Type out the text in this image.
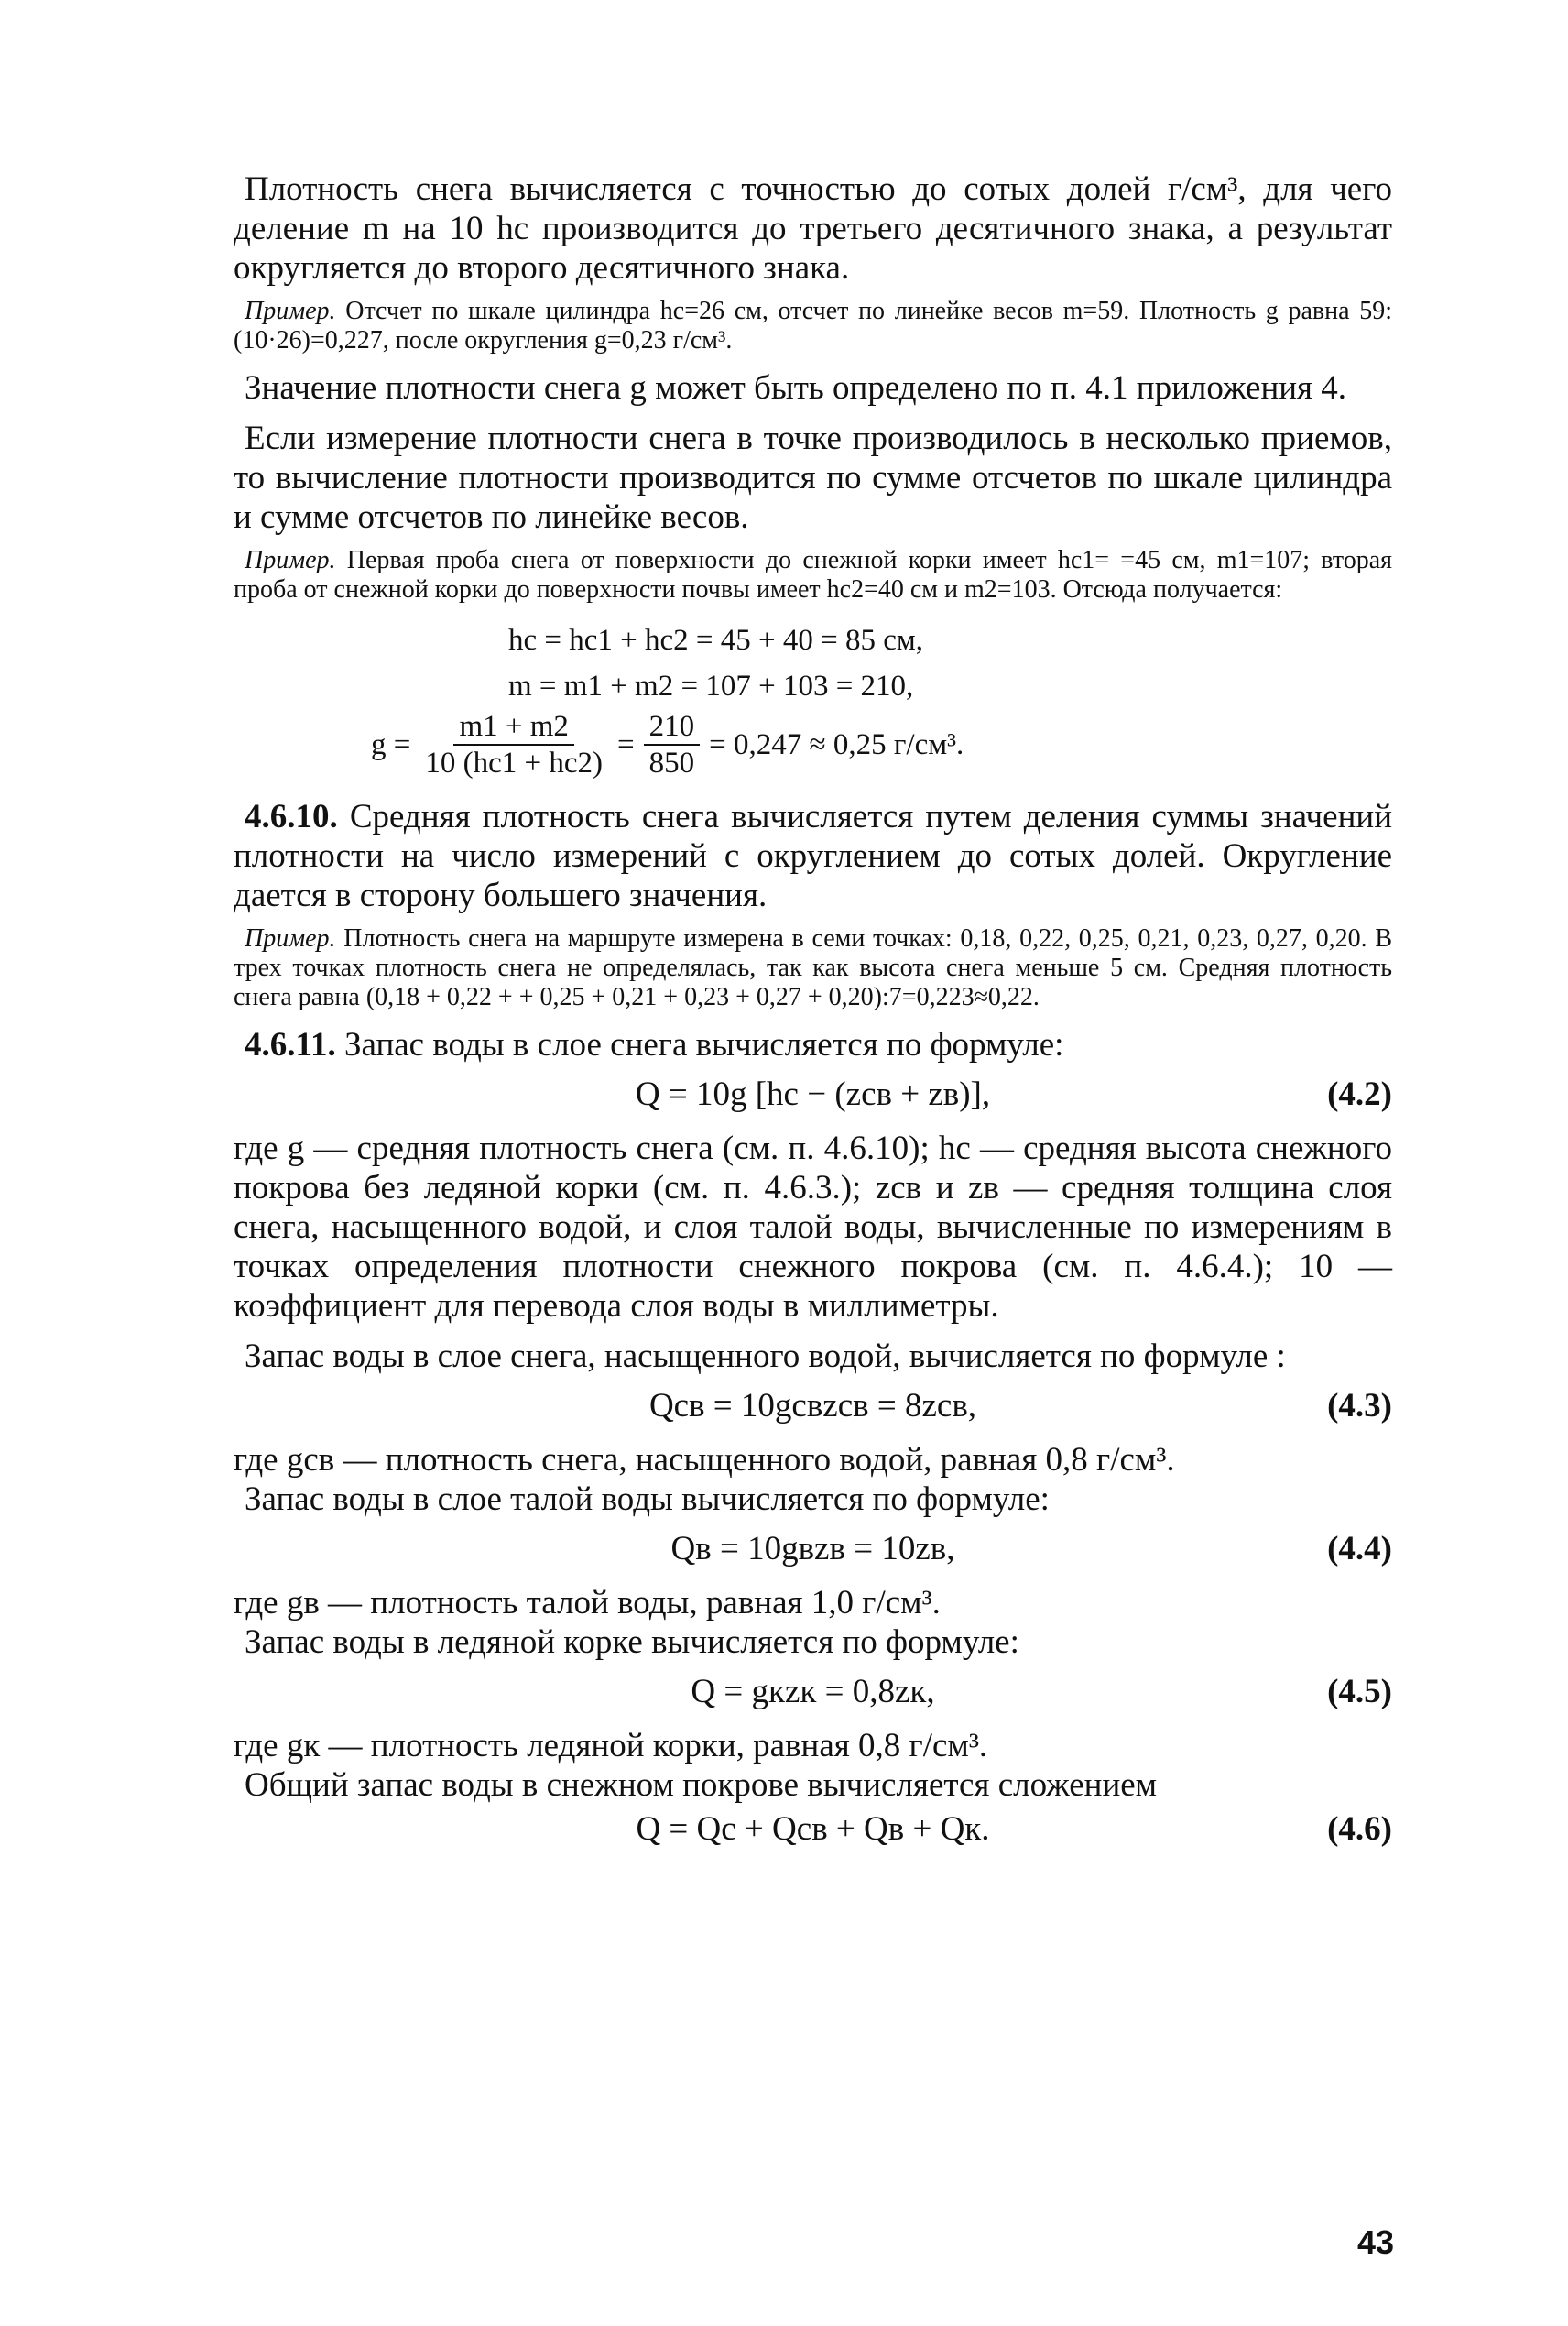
Плотность снега вычисляется с точностью до сотых долей г/см³, для чего деление m на 10 hс производится до третьего десятичного знака, а результат округляется до второго десятичного знака.

Пример. Отсчет по шкале цилиндра hс=26 см, отсчет по линейке весов m=59. Плотность g равна 59:(10·26)=0,227, после округления g=0,23 г/см³.

Значение плотности снега g может быть определено по п. 4.1 приложения 4.

Если измерение плотности снега в точке производилось в несколько приемов, то вычисление плотности производится по сумме отсчетов по шкале цилиндра и сумме отсчетов по линейке весов.

Пример. Первая проба снега от поверхности до снежной корки имеет hс1= =45 см, m1=107; вторая проба от снежной корки до поверхности почвы имеет hс2=40 см и m2=103. Отсюда получается:

hс = hс1 + hс2 = 45 + 40 = 85 см,
m = m1 + m2 = 107 + 103 = 210,
$g = \frac{m1 + m2}{10 (hс1 + hс2)} = \frac{210}{850} = 0,247 \approx 0,25$ г/см³.

4.6.10. Средняя плотность снега вычисляется путем деления суммы значений плотности на число измерений с округлением до сотых долей. Округление дается в сторону большего значения.

Пример. Плотность снега на маршруте измерена в семи точках: 0,18, 0,22, 0,25, 0,21, 0,23, 0,27, 0,20. В трех точках плотность снега не определялась, так как высота снега меньше 5 см. Средняя плотность снега равна (0,18 + 0,22 + + 0,25 + 0,21 + 0,23 + 0,27 + 0,20):7=0,223≈0,22.

4.6.11. Запас воды в слое снега вычисляется по формуле:

Q = 10g [hс − (zсв + zв)],	(4.2)

где g — средняя плотность снега (см. п. 4.6.10); hс — средняя высота снежного покрова без ледяной корки (см. п. 4.6.3.); zсв и zв — средняя толщина слоя снега, насыщенного водой, и слоя талой воды, вычисленные по измерениям в точках определения плотности снежного покрова (см. п. 4.6.4.); 10 — коэффициент для перевода слоя воды в миллиметры.

Запас воды в слое снега, насыщенного водой, вычисляется по формуле :

Qсв = 10gсвzсв = 8zсв,	(4.3)

где gсв — плотность снега, насыщенного водой, равная 0,8 г/см³.

Запас воды в слое талой воды вычисляется по формуле:

Qв = 10gвzв = 10zв,	(4.4)

где gв — плотность талой воды, равная 1,0 г/см³.

Запас воды в ледяной корке вычисляется по формуле:

Q = gкzк = 0,8zк,	(4.5)

где gк — плотность ледяной корки, равная 0,8 г/см³.

Общий запас воды в снежном покрове вычисляется сложением

Q = Qс + Qсв + Qв + Qк.	(4.6)
43
